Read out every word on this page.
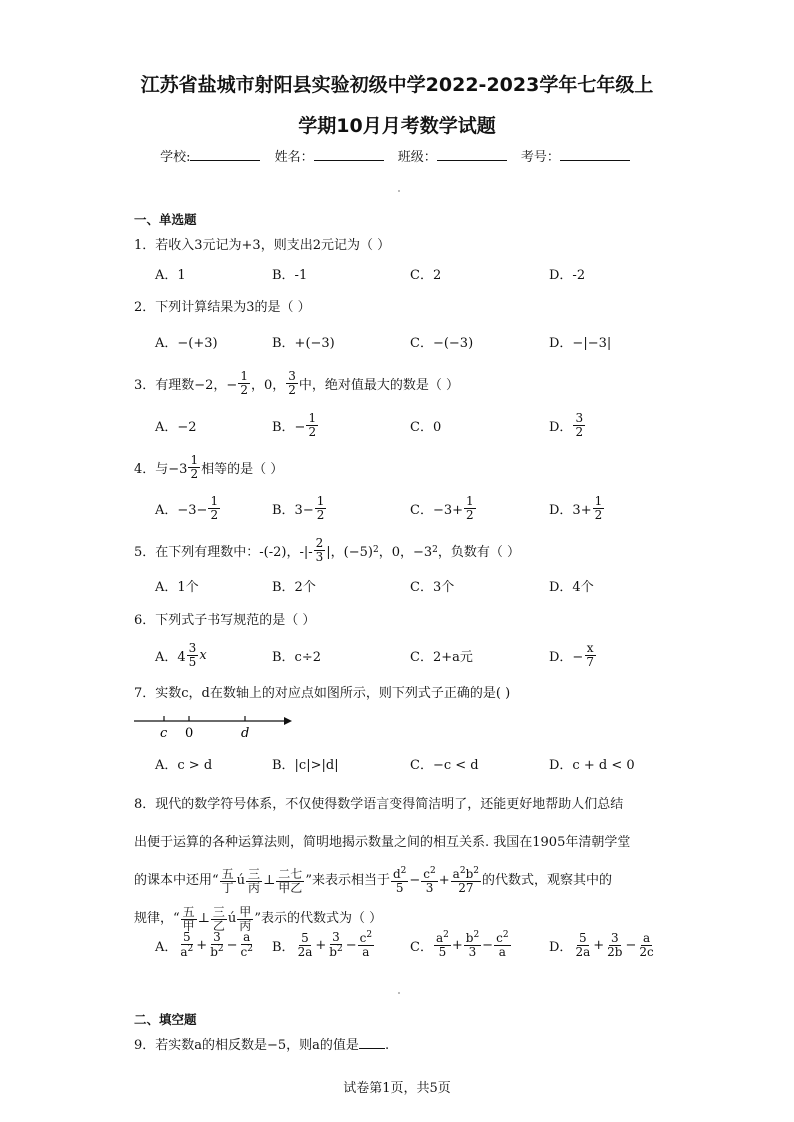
江苏省盐城市射阳县实验初级中学2022-2023学年七年级上
学期10月月考数学试题
学校:	姓名：	班级：	考号：
一、单选题
1．若收入3元记为+3，则支出2元记为（ ）
A．1	B．-1	C．2	D．-2
2．下列计算结果为3的是（ ）
A．−(+3)	B．+(−3)	C．−(−3)	D．−|−3|
3．有理数−2，− $\frac{1}{2}$ ，0， $\frac{3}{2}$ 中，绝对值最大的数是（ ）
A．−2	B．− $\frac{1}{2}$	C．0	D． $\frac{3}{2}$
4．与$-3 \frac{1}{2}$ 相等的是（ ）
A．$-3- \frac{1}{2}$	B．$3- \frac{1}{2}$	C．$-3+ \frac{1}{2}$	D．$3+ \frac{1}{2}$
5．在下列有理数中：-(-2)，-|- $\frac{2}{3}$ |，(−5) 2 ，0，−3 2 ，负数有（ ）
A．1个	B．2个	C．3个	D．4个
6．下列式子书写规范的是（ ）
A．$4 \frac{3}{5}$ x	B．c÷2	C．2+a元	D．− $\frac{x}{7}$
7．实数c，d在数轴上的对应点如图所示，则下列式子正确的是( )
c 0	d
A．c > d	B．|c|>|d|	C．−c < d	D．c + d < 0
8．现代的数学符号体系，不仅使得数学语言变得简洁明了，还能更好地帮助人们总结
出便于运算的各种运算法则，简明地揭示数量之间的相互关系. 我国在1905年清朝学堂
的课本中还用“ $\frac{\text{五}}{\text{丁}}$ ú $\frac{\text{三}}{\text{丙}}$ ⊥ $\frac{\text{二七}}{\text{甲乙}}$ ”来表示相当于 $\frac{d^2}{5} - \frac{c^2}{3} + \frac{a^2b^2}{27}$ 的代数式，观察其中的
规律，“ $\frac{\text{五}}{\text{甲}}$ ⊥ $\frac{\text{三}}{\text{乙}}$ ú $\frac{\text{甲}}{\text{丙}}$ ”表示的代数式为（ ）
A． $\frac{5}{a^2} + \frac{3}{b^2} - \frac{a}{c^2}$ B． $\frac{5}{2a} + \frac{3}{b^2} - \frac{c^2}{a}$	C． $\frac{a^2}{5} + \frac{b^2}{3} - \frac{c^2}{a}$	D． $\frac{5}{2a} + \frac{3}{2b} - \frac{a}{2c}$
二、填空题
9．若实数a的相反数是−5，则a的值是 .
试卷第1页，共5页
